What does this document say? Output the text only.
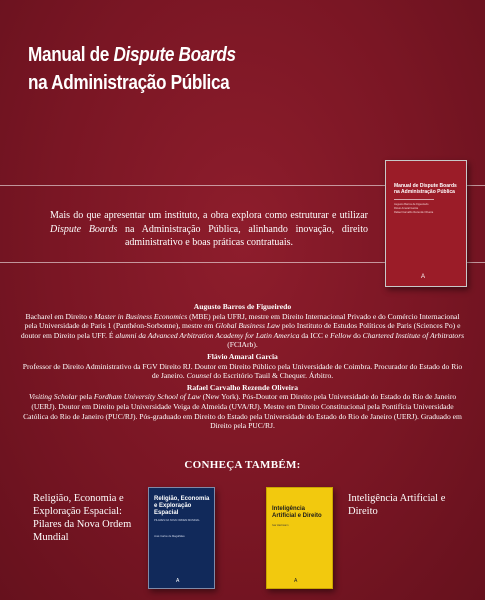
Manual de Dispute Boards
na Administração Pública

Mais do que apresentar um instituto, a obra explora como estruturar e utilizar Dispute Boards na Administração Pública, alinhando inovação, direito administrativo e boas práticas contratuais.

Manual de Dispute Boards
na Administração Pública
Augusto Barros de Figueiredo
Flávio Amaral Garcia
Rafael Carvalho Rezende Oliveira
A

Augusto Barros de Figueiredo
Bacharel em Direito e Master in Business Economics (MBE) pela UFRJ, mestre em Direito Internacional Privado e do Comércio Internacional pela Universidade de Paris 1 (Panthéon-Sorbonne), mestre em Global Business Law pelo Instituto de Estudos Políticos de Paris (Sciences Po) e doutor em Direito pela UFF. É alumni da Advanced Arbitration Academy for Latin America da ICC e Fellow do Chartered Institute of Arbitrators (FCIArb).

Flávio Amaral Garcia
Professor de Direito Administrativo da FGV Direito RJ. Doutor em Direito Público pela Universidade de Coimbra. Procurador do Estado do Rio de Janeiro. Counsel do Escritório Tauil & Chequer. Árbitro.

Rafael Carvalho Rezende Oliveira
Visiting Scholar pela Fordham University School of Law (New York). Pós-Doutor em Direito pela Universidade do Estado do Rio de Janeiro (UERJ). Doutor em Direito pela Universidade Veiga de Almeida (UVA/RJ). Mestre em Direito Constitucional pela Pontifícia Universidade Católica do Rio de Janeiro (PUC/RJ). Pós-graduado em Direito do Estado pela Universidade do Estado do Rio de Janeiro (UERJ). Graduado em Direito pela PUC/RJ.

CONHEÇA TAMBÉM:
Religião, Economia e Exploração Espacial: Pilares da Nova Ordem Mundial
Religião, Economia e Exploração Espacial
PILARES DA NOVA ORDEM MUNDIAL
José Carlos de Magalhães
A
Inteligência Artificial e Direito
Ivar Hartmann
A
Inteligência Artificial e Direito
